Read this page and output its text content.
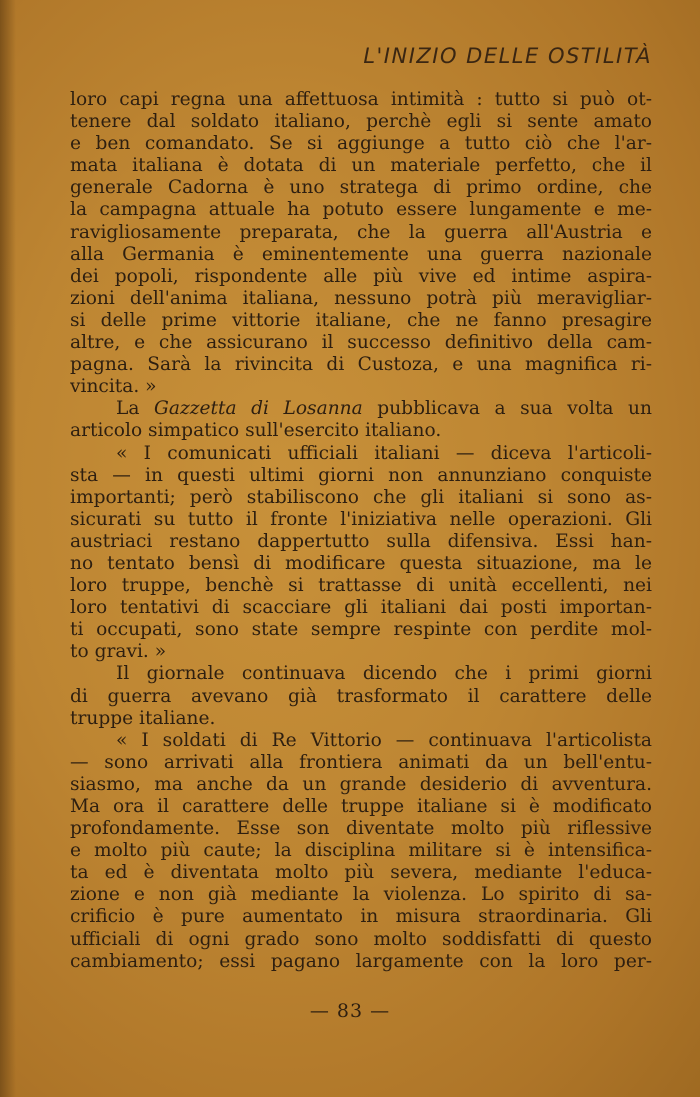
L'INIZIO DELLE OSTILITÀ
loro capi regna una affettuosa intimità : tutto si può ot-
tenere dal soldato italiano, perchè egli si sente amato
e ben comandato. Se si aggiunge a tutto ciò che l'ar-
mata italiana è dotata di un materiale perfetto, che il
generale Cadorna è uno stratega di primo ordine, che
la campagna attuale ha potuto essere lungamente e me-
ravigliosamente preparata, che la guerra all'Austria e
alla Germania è eminentemente una guerra nazionale
dei popoli, rispondente alle più vive ed intime aspira-
zioni dell'anima italiana, nessuno potrà più meravigliar-
si delle prime vittorie italiane, che ne fanno presagire
altre, e che assicurano il successo definitivo della cam-
pagna. Sarà la rivincita di Custoza, e una magnifica ri-
vincita. »
La Gazzetta di Losanna pubblicava a sua volta un
articolo simpatico sull'esercito italiano.
« I comunicati ufficiali italiani — diceva l'articoli-
sta — in questi ultimi giorni non annunziano conquiste
importanti; però stabiliscono che gli italiani si sono as-
sicurati su tutto il fronte l'iniziativa nelle operazioni. Gli
austriaci restano dappertutto sulla difensiva. Essi han-
no tentato bensì di modificare questa situazione, ma le
loro truppe, benchè si trattasse di unità eccellenti, nei
loro tentativi di scacciare gli italiani dai posti importan-
ti occupati, sono state sempre respinte con perdite mol-
to gravi. »
Il giornale continuava dicendo che i primi giorni
di guerra avevano già trasformato il carattere delle
truppe italiane.
« I soldati di Re Vittorio — continuava l'articolista
— sono arrivati alla frontiera animati da un bell'entu-
siasmo, ma anche da un grande desiderio di avventura.
Ma ora il carattere delle truppe italiane si è modificato
profondamente. Esse son diventate molto più riflessive
e molto più caute; la disciplina militare si è intensifica-
ta ed è diventata molto più severa, mediante l'educa-
zione e non già mediante la violenza. Lo spirito di sa-
crificio è pure aumentato in misura straordinaria. Gli
ufficiali di ogni grado sono molto soddisfatti di questo
cambiamento; essi pagano largamente con la loro per-
— 83 —
